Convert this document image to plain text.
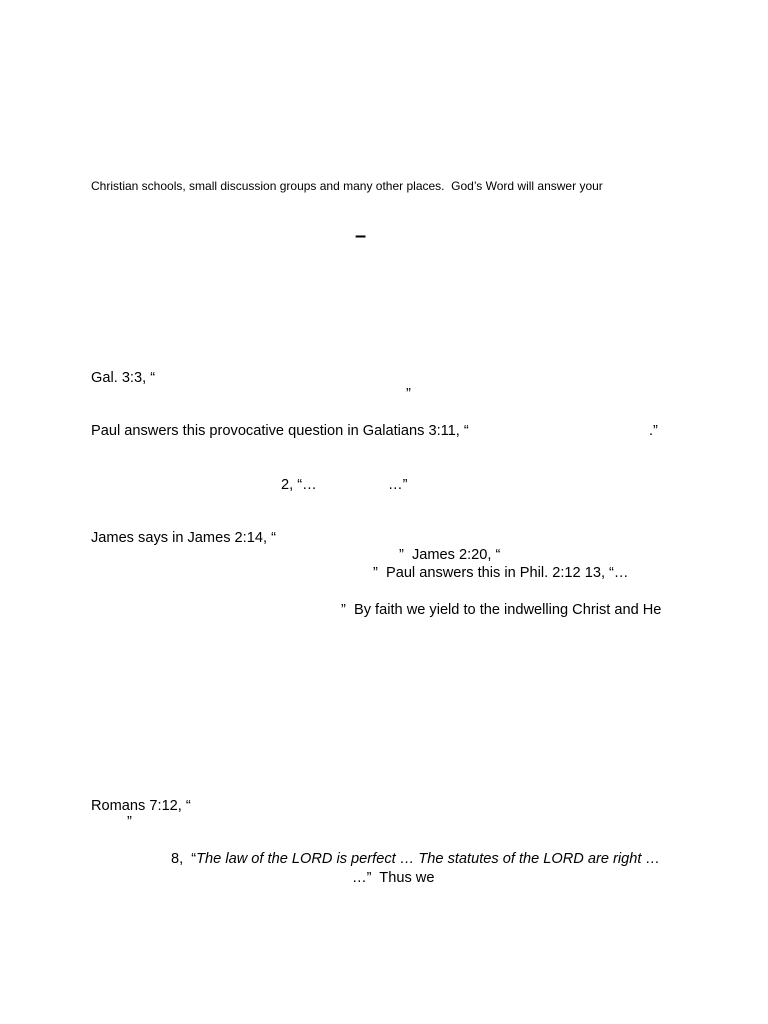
Christian schools, small discussion groups and many other places.  God’s Word will answer your
–
Gal. 3:3, “
”
Paul answers this provocative question in Galatians 3:11, “	.”
2, “…	…”
James says in James 2:14, “
”  James 2:20, “
”  Paul answers this in Phil. 2:12 13, “…
”  By faith we yield to the indwelling Christ and He
Romans 7:12, “
”
8,  “The law of the LORD is perfect … The statutes of the LORD are right …
…”  Thus we
